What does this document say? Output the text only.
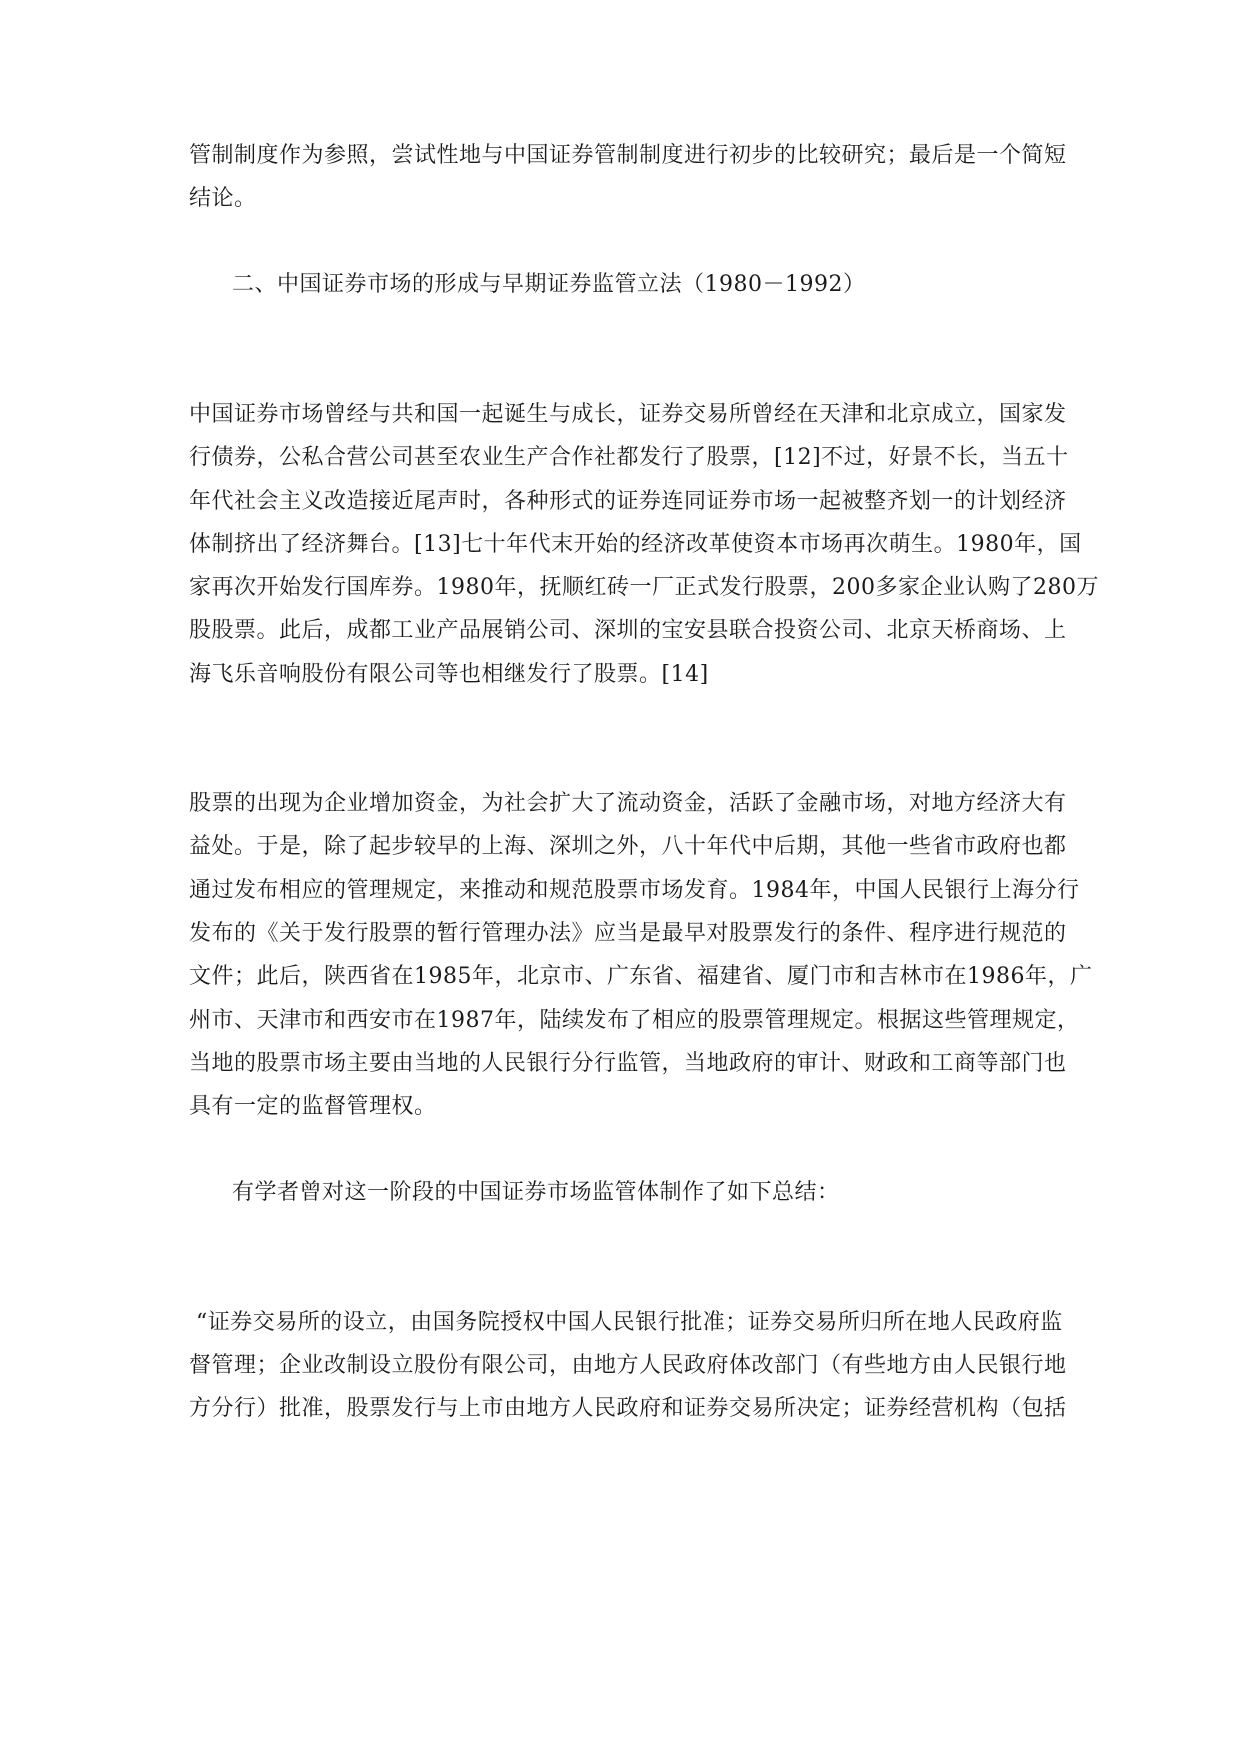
管制制度作为参照，尝试性地与中国证券管制制度进行初步的比较研究；最后是一个简短
结论。
二、中国证券市场的形成与早期证券监管立法（1980－1992）
中国证券市场曾经与共和国一起诞生与成长，证券交易所曾经在天津和北京成立，国家发
行债券，公私合营公司甚至农业生产合作社都发行了股票，[12]不过，好景不长，当五十
年代社会主义改造接近尾声时，各种形式的证券连同证券市场一起被整齐划一的计划经济
体制挤出了经济舞台。[13]七十年代末开始的经济改革使资本市场再次萌生。1980年，国
家再次开始发行国库券。1980年，抚顺红砖一厂正式发行股票，200多家企业认购了280万
股股票。此后，成都工业产品展销公司、深圳的宝安县联合投资公司、北京天桥商场、上
海飞乐音响股份有限公司等也相继发行了股票。[14]
股票的出现为企业增加资金，为社会扩大了流动资金，活跃了金融市场，对地方经济大有
益处。于是，除了起步较早的上海、深圳之外，八十年代中后期，其他一些省市政府也都
通过发布相应的管理规定，来推动和规范股票市场发育。1984年，中国人民银行上海分行
发布的《关于发行股票的暂行管理办法》应当是最早对股票发行的条件、程序进行规范的
文件；此后，陕西省在1985年，北京市、广东省、福建省、厦门市和吉林市在1986年，广
州市、天津市和西安市在1987年，陆续发布了相应的股票管理规定。根据这些管理规定，
当地的股票市场主要由当地的人民银行分行监管，当地政府的审计、财政和工商等部门也
具有一定的监督管理权。
有学者曾对这一阶段的中国证券市场监管体制作了如下总结：
“证券交易所的设立，由国务院授权中国人民银行批准；证券交易所归所在地人民政府监
督管理；企业改制设立股份有限公司，由地方人民政府体改部门（有些地方由人民银行地
方分行）批准，股票发行与上市由地方人民政府和证券交易所决定；证券经营机构（包括
